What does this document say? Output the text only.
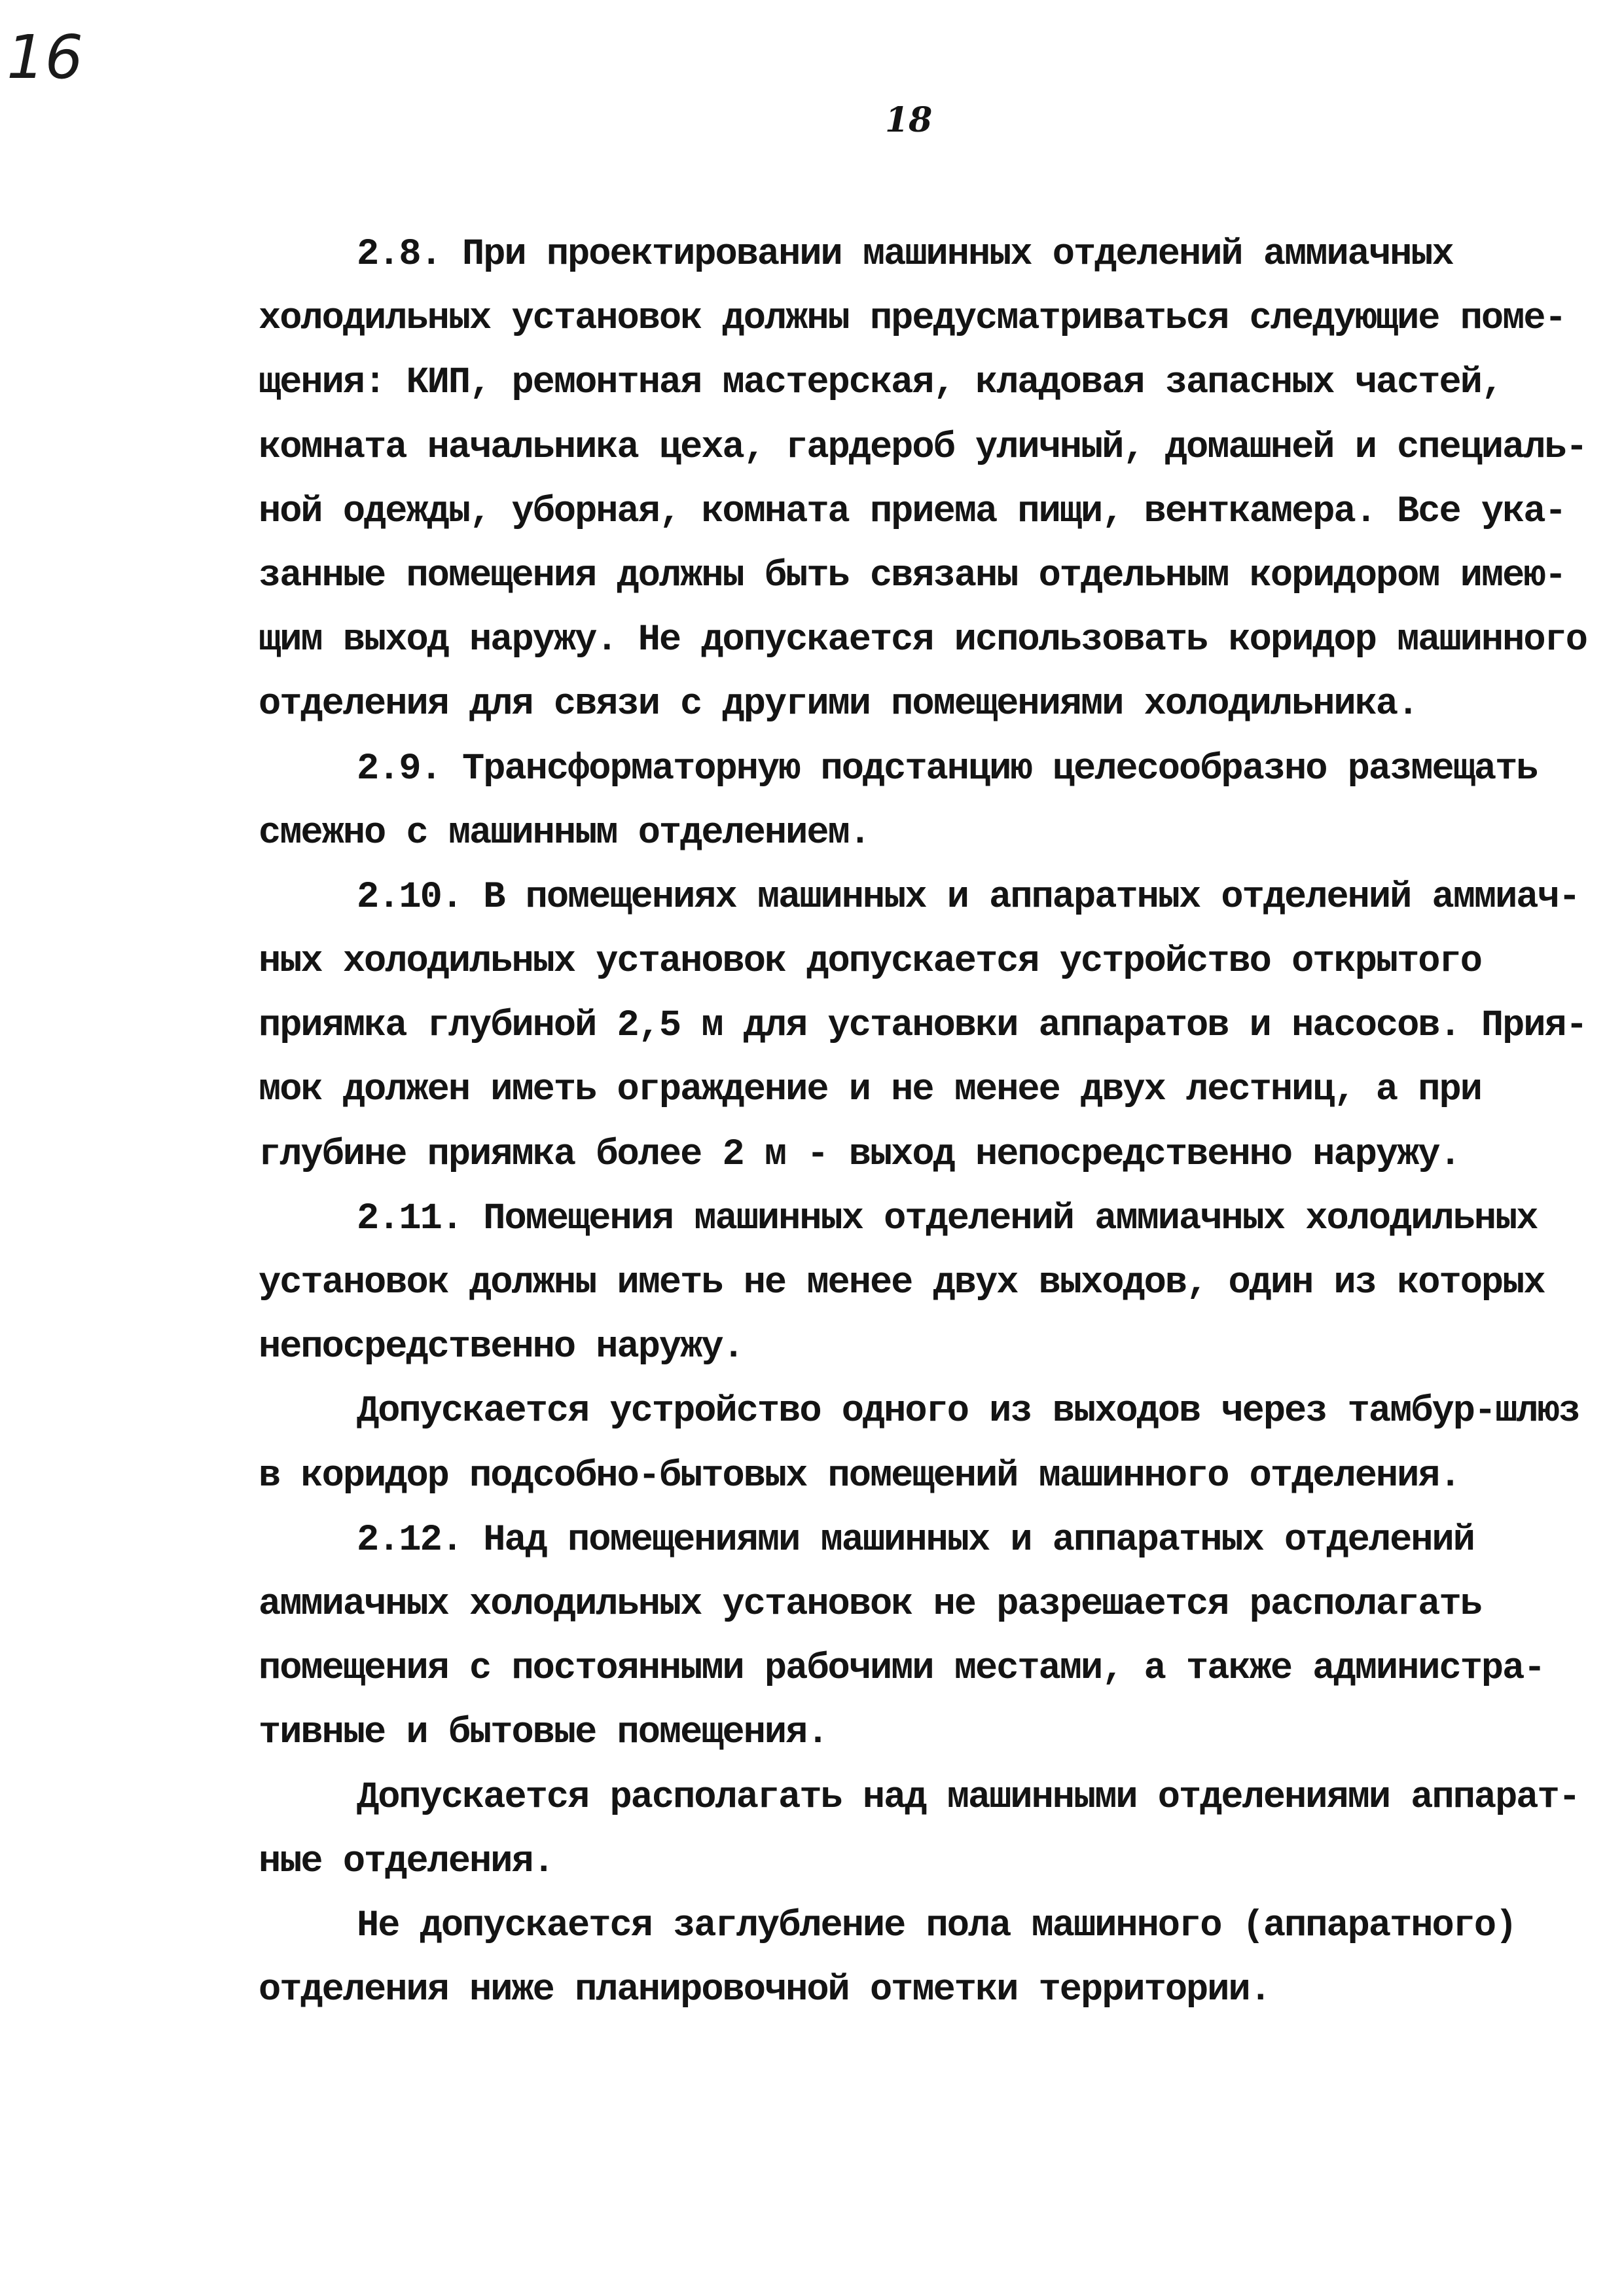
16
18
2.8. При проектировании машинных отделений аммиачных
холодильных установок должны предусматриваться следующие поме-
щения: КИП, ремонтная мастерская, кладовая запасных частей,
комната начальника цеха, гардероб уличный, домашней и специаль-
ной одежды, уборная, комната приема пищи, венткамера. Все ука-
занные помещения должны быть связаны отдельным коридором имею-
щим выход наружу. Не допускается использовать коридор машинного
отделения для связи с другими помещениями холодильника.
2.9. Трансформаторную подстанцию целесообразно размещать
смежно с машинным отделением.
2.10. В помещениях машинных и аппаратных отделений аммиач-
ных холодильных установок допускается устройство открытого
приямка глубиной 2,5 м для установки аппаратов и насосов. Прия-
мок должен иметь ограждение и не менее двух лестниц, а при
глубине приямка более 2 м - выход непосредственно наружу.
2.11. Помещения машинных отделений аммиачных холодильных
установок должны иметь не менее двух выходов, один из которых
непосредственно наружу.
Допускается устройство одного из выходов через тамбур-шлюз
в коридор подсобно-бытовых помещений машинного отделения.
2.12. Над помещениями машинных и аппаратных отделений
аммиачных холодильных установок не разрешается располагать
помещения с постоянными рабочими местами, а также администра-
тивные и бытовые помещения.
Допускается располагать над машинными отделениями аппарат-
ные отделения.
Не допускается заглубление пола машинного (аппаратного)
отделения ниже планировочной отметки территории.
